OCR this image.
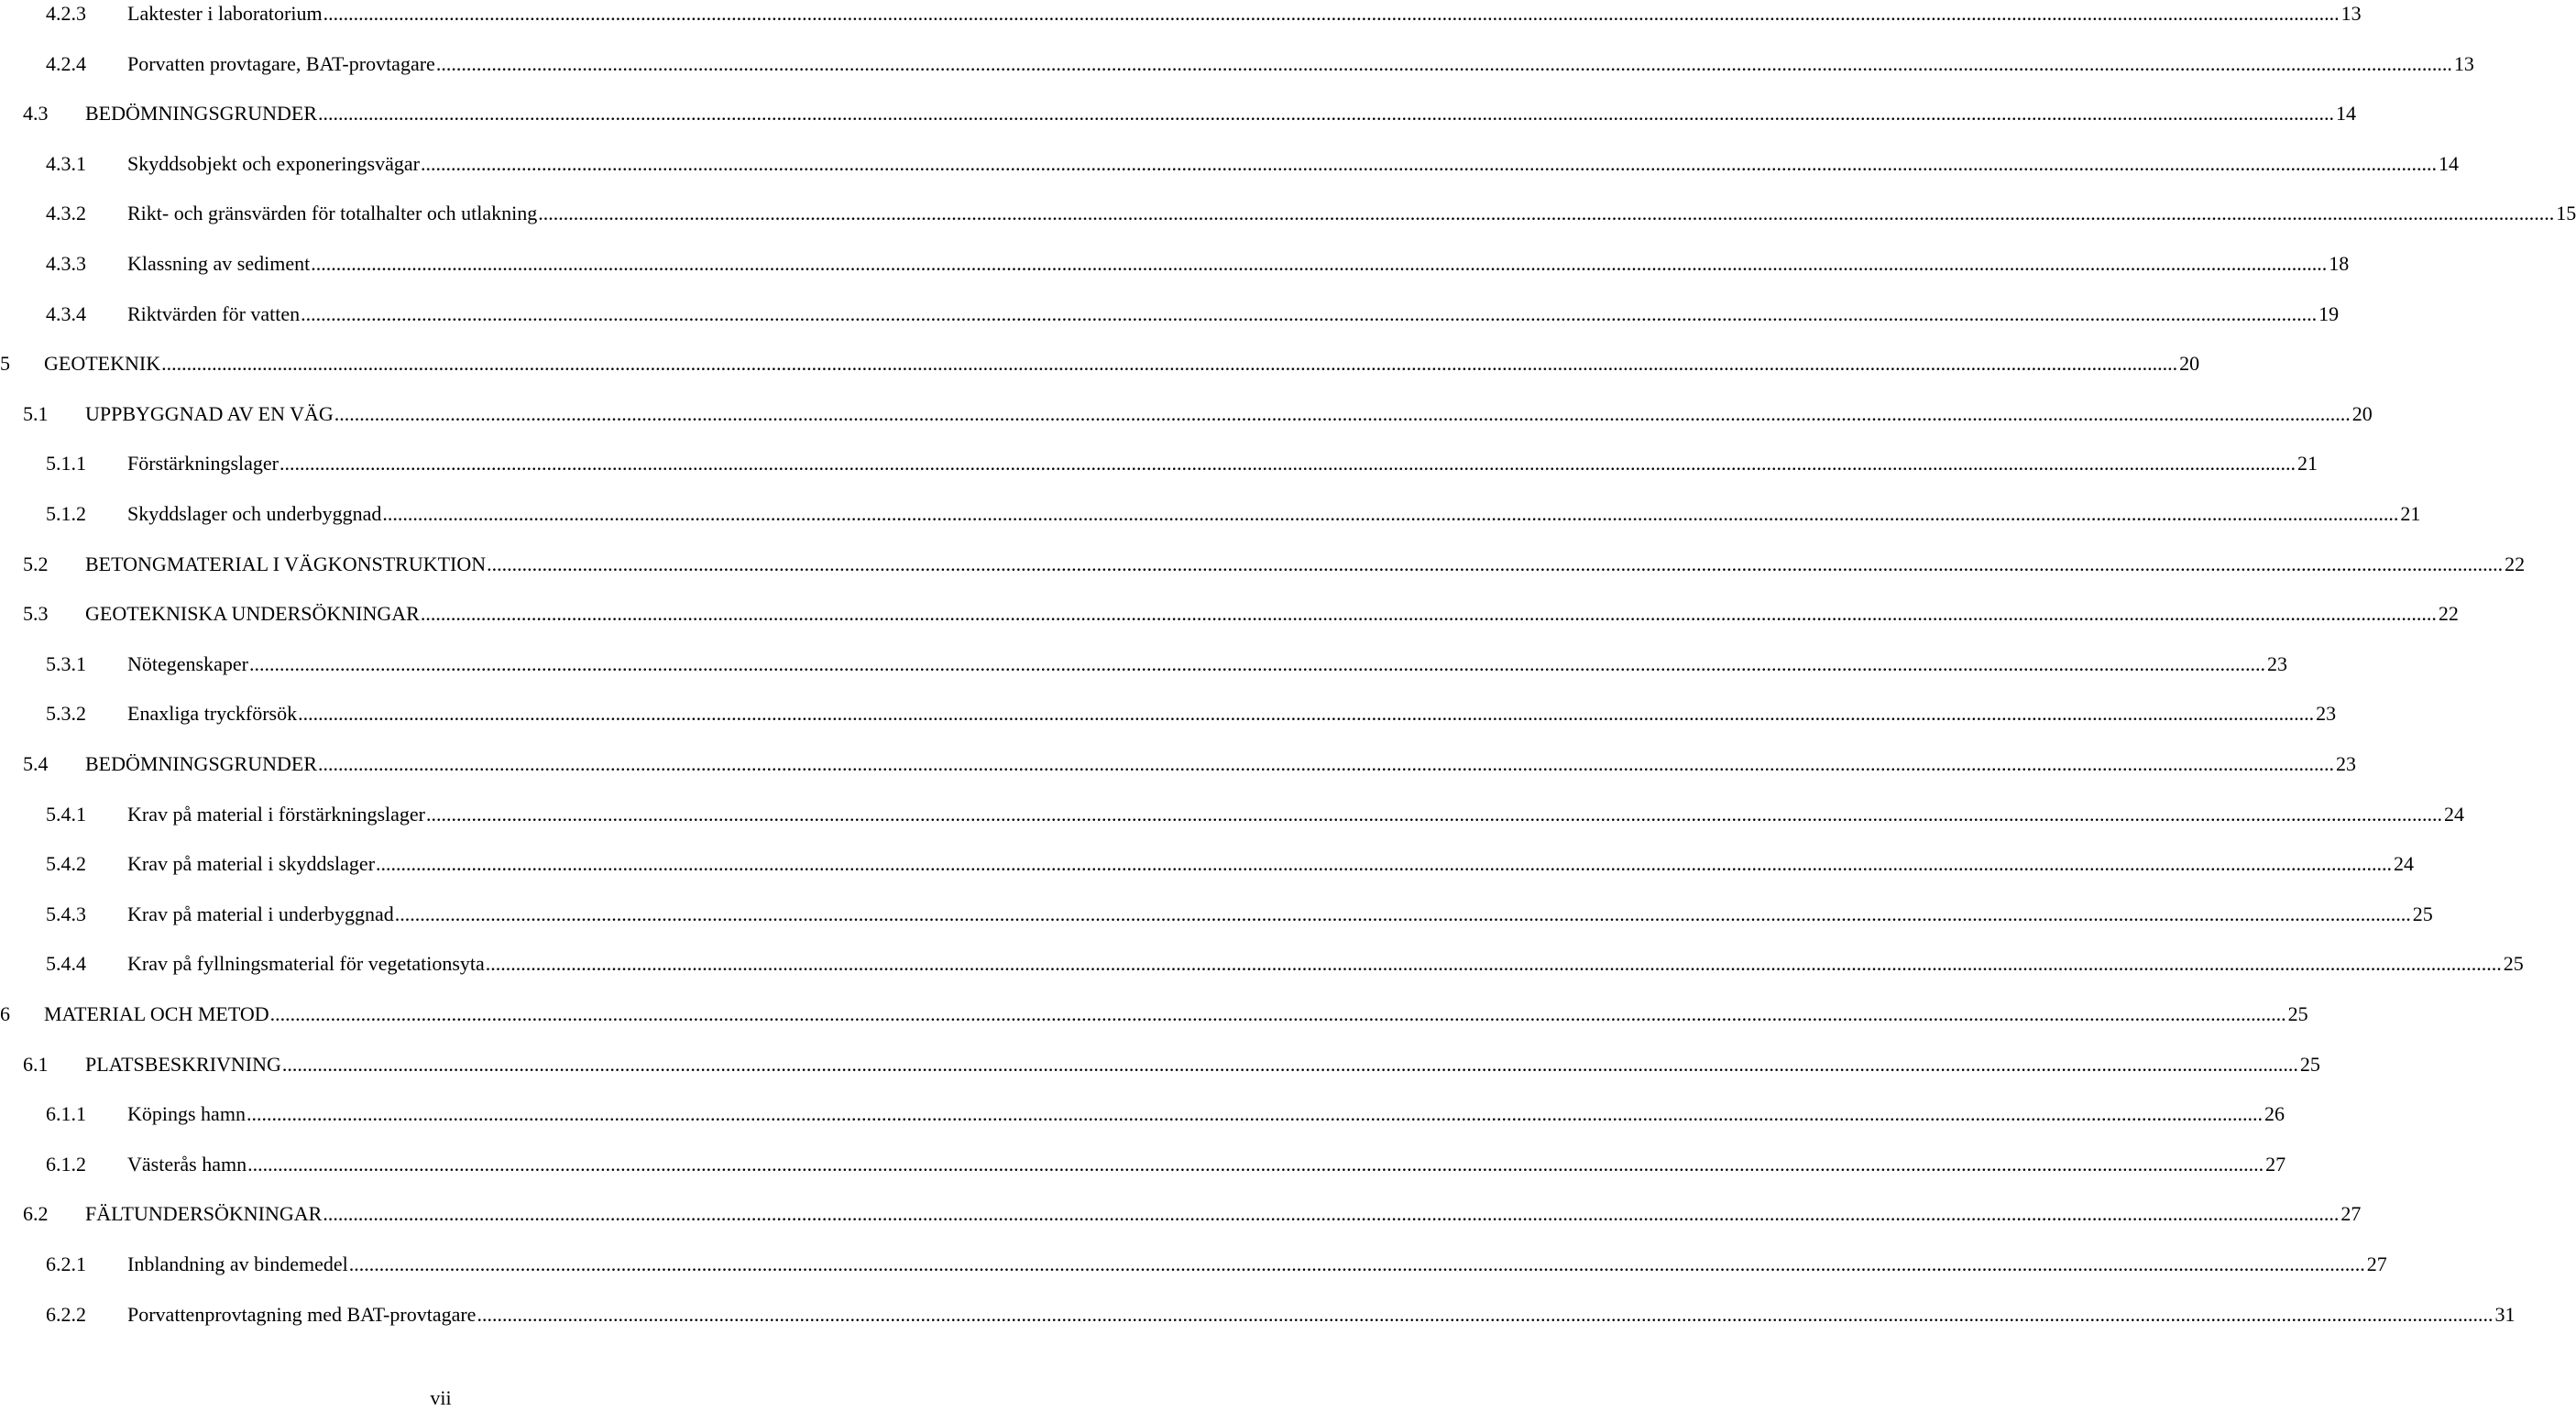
4.2.3 Laktester i laboratorium ................................................................................................................................................................................................................................................................................................................................................................................................................ 13
4.2.4 Porvatten provtagare, BAT-provtagare ................................................................................................................................................................................................................................................................................................................................................................................................................ 13
4.3 BEDÖMNINGSGRUNDER ................................................................................................................................................................................................................................................................................................................................................................................................................ 14
4.3.1 Skyddsobjekt och exponeringsvägar ................................................................................................................................................................................................................................................................................................................................................................................................................ 14
4.3.2 Rikt- och gränsvärden för totalhalter och utlakning ................................................................................................................................................................................................................................................................................................................................................................................................................ 15
4.3.3 Klassning av sediment ................................................................................................................................................................................................................................................................................................................................................................................................................ 18
4.3.4 Riktvärden för vatten ................................................................................................................................................................................................................................................................................................................................................................................................................ 19
5 GEOTEKNIK ................................................................................................................................................................................................................................................................................................................................................................................................................ 20
5.1 UPPBYGGNAD AV EN VÄG ................................................................................................................................................................................................................................................................................................................................................................................................................ 20
5.1.1 Förstärkningslager ................................................................................................................................................................................................................................................................................................................................................................................................................ 21
5.1.2 Skyddslager och underbyggnad ................................................................................................................................................................................................................................................................................................................................................................................................................ 21
5.2 BETONGMATERIAL I VÄGKONSTRUKTION ................................................................................................................................................................................................................................................................................................................................................................................................................ 22
5.3 GEOTEKNISKA UNDERSÖKNINGAR ................................................................................................................................................................................................................................................................................................................................................................................................................ 22
5.3.1 Nötegenskaper ................................................................................................................................................................................................................................................................................................................................................................................................................ 23
5.3.2 Enaxliga tryckförsök ................................................................................................................................................................................................................................................................................................................................................................................................................ 23
5.4 BEDÖMNINGSGRUNDER ................................................................................................................................................................................................................................................................................................................................................................................................................ 23
5.4.1 Krav på material i förstärkningslager ................................................................................................................................................................................................................................................................................................................................................................................................................ 24
5.4.2 Krav på material i skyddslager ................................................................................................................................................................................................................................................................................................................................................................................................................ 24
5.4.3 Krav på material i underbyggnad ................................................................................................................................................................................................................................................................................................................................................................................................................ 25
5.4.4 Krav på fyllningsmaterial för vegetationsyta ................................................................................................................................................................................................................................................................................................................................................................................................................ 25
6 MATERIAL OCH METOD ................................................................................................................................................................................................................................................................................................................................................................................................................ 25
6.1 PLATSBESKRIVNING ................................................................................................................................................................................................................................................................................................................................................................................................................ 25
6.1.1 Köpings hamn ................................................................................................................................................................................................................................................................................................................................................................................................................ 26
6.1.2 Västerås hamn ................................................................................................................................................................................................................................................................................................................................................................................................................ 27
6.2 FÄLTUNDERSÖKNINGAR ................................................................................................................................................................................................................................................................................................................................................................................................................ 27
6.2.1 Inblandning av bindemedel ................................................................................................................................................................................................................................................................................................................................................................................................................ 27
6.2.2 Porvattenprovtagning med BAT-provtagare ................................................................................................................................................................................................................................................................................................................................................................................................................ 31
vii
